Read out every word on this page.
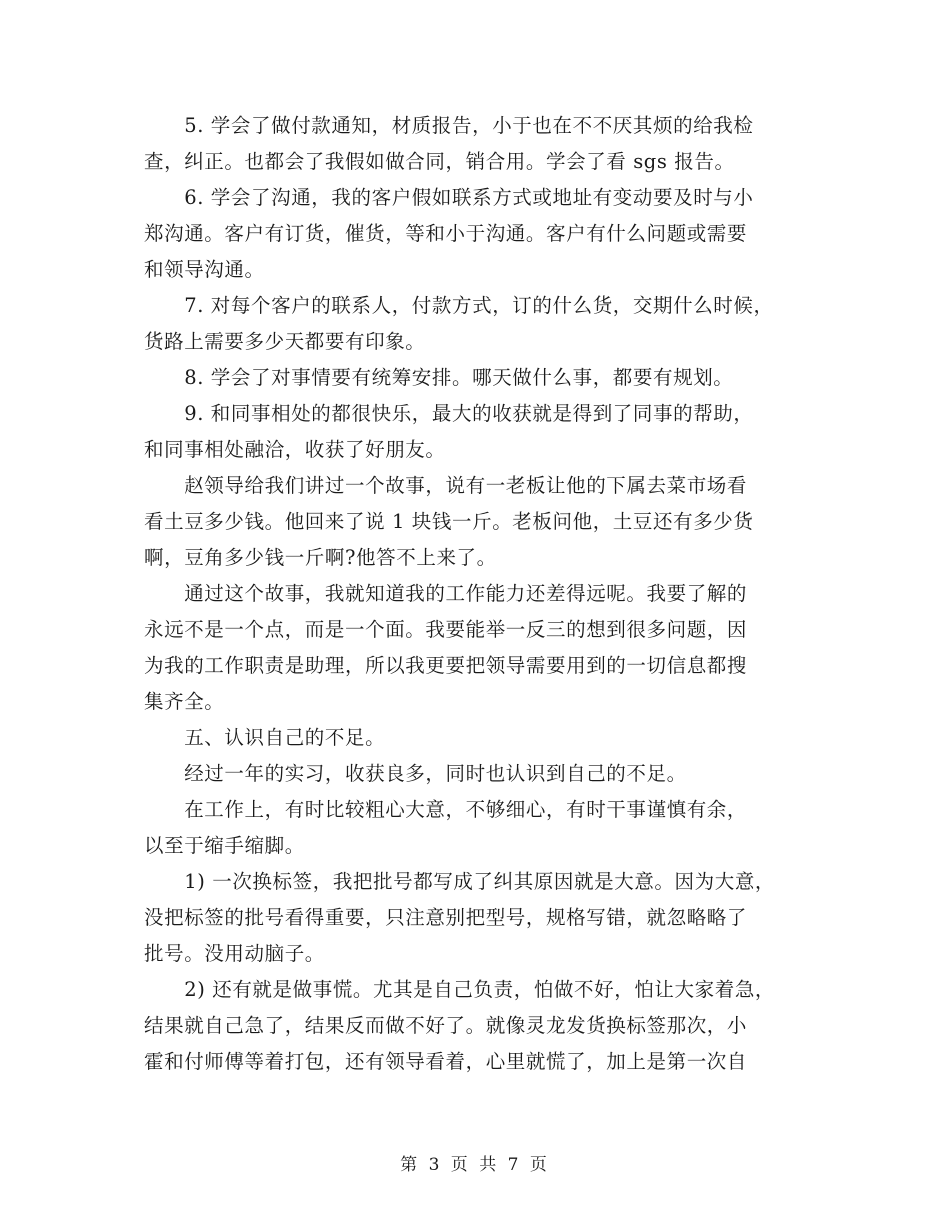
　　5. 学会了做付款通知，材质报告，小于也在不不厌其烦的给我检
查，纠正。也都会了我假如做合同，销合用。学会了看 sgs 报告。

　　6. 学会了沟通，我的客户假如联系方式或地址有变动要及时与小
郑沟通。客户有订货，催货，等和小于沟通。客户有什么问题或需要
和领导沟通。

　　7. 对每个客户的联系人，付款方式，订的什么货，交期什么时候，
货路上需要多少天都要有印象。

　　8. 学会了对事情要有统筹安排。哪天做什么事，都要有规划。

　　9. 和同事相处的都很快乐，最大的收获就是得到了同事的帮助，
和同事相处融洽，收获了好朋友。

　　赵领导给我们讲过一个故事，说有一老板让他的下属去菜市场看
看土豆多少钱。他回来了说 1 块钱一斤。老板问他，土豆还有多少货
啊，豆角多少钱一斤啊?他答不上来了。

　　通过这个故事，我就知道我的工作能力还差得远呢。我要了解的
永远不是一个点，而是一个面。我要能举一反三的想到很多问题，因
为我的工作职责是助理，所以我更要把领导需要用到的一切信息都搜
集齐全。

　　五、认识自己的不足。

　　经过一年的实习，收获良多，同时也认识到自己的不足。

　　在工作上，有时比较粗心大意，不够细心，有时干事谨慎有余，
以至于缩手缩脚。

　　1) 一次换标签，我把批号都写成了纠其原因就是大意。因为大意，
没把标签的批号看得重要，只注意别把型号，规格写错，就忽略略了
批号。没用动脑子。

　　2) 还有就是做事慌。尤其是自己负责，怕做不好，怕让大家着急，
结果就自己急了，结果反而做不好了。就像灵龙发货换标签那次，小
霍和付师傅等着打包，还有领导看着，心里就慌了，加上是第一次自

第 3 页 共 7 页
